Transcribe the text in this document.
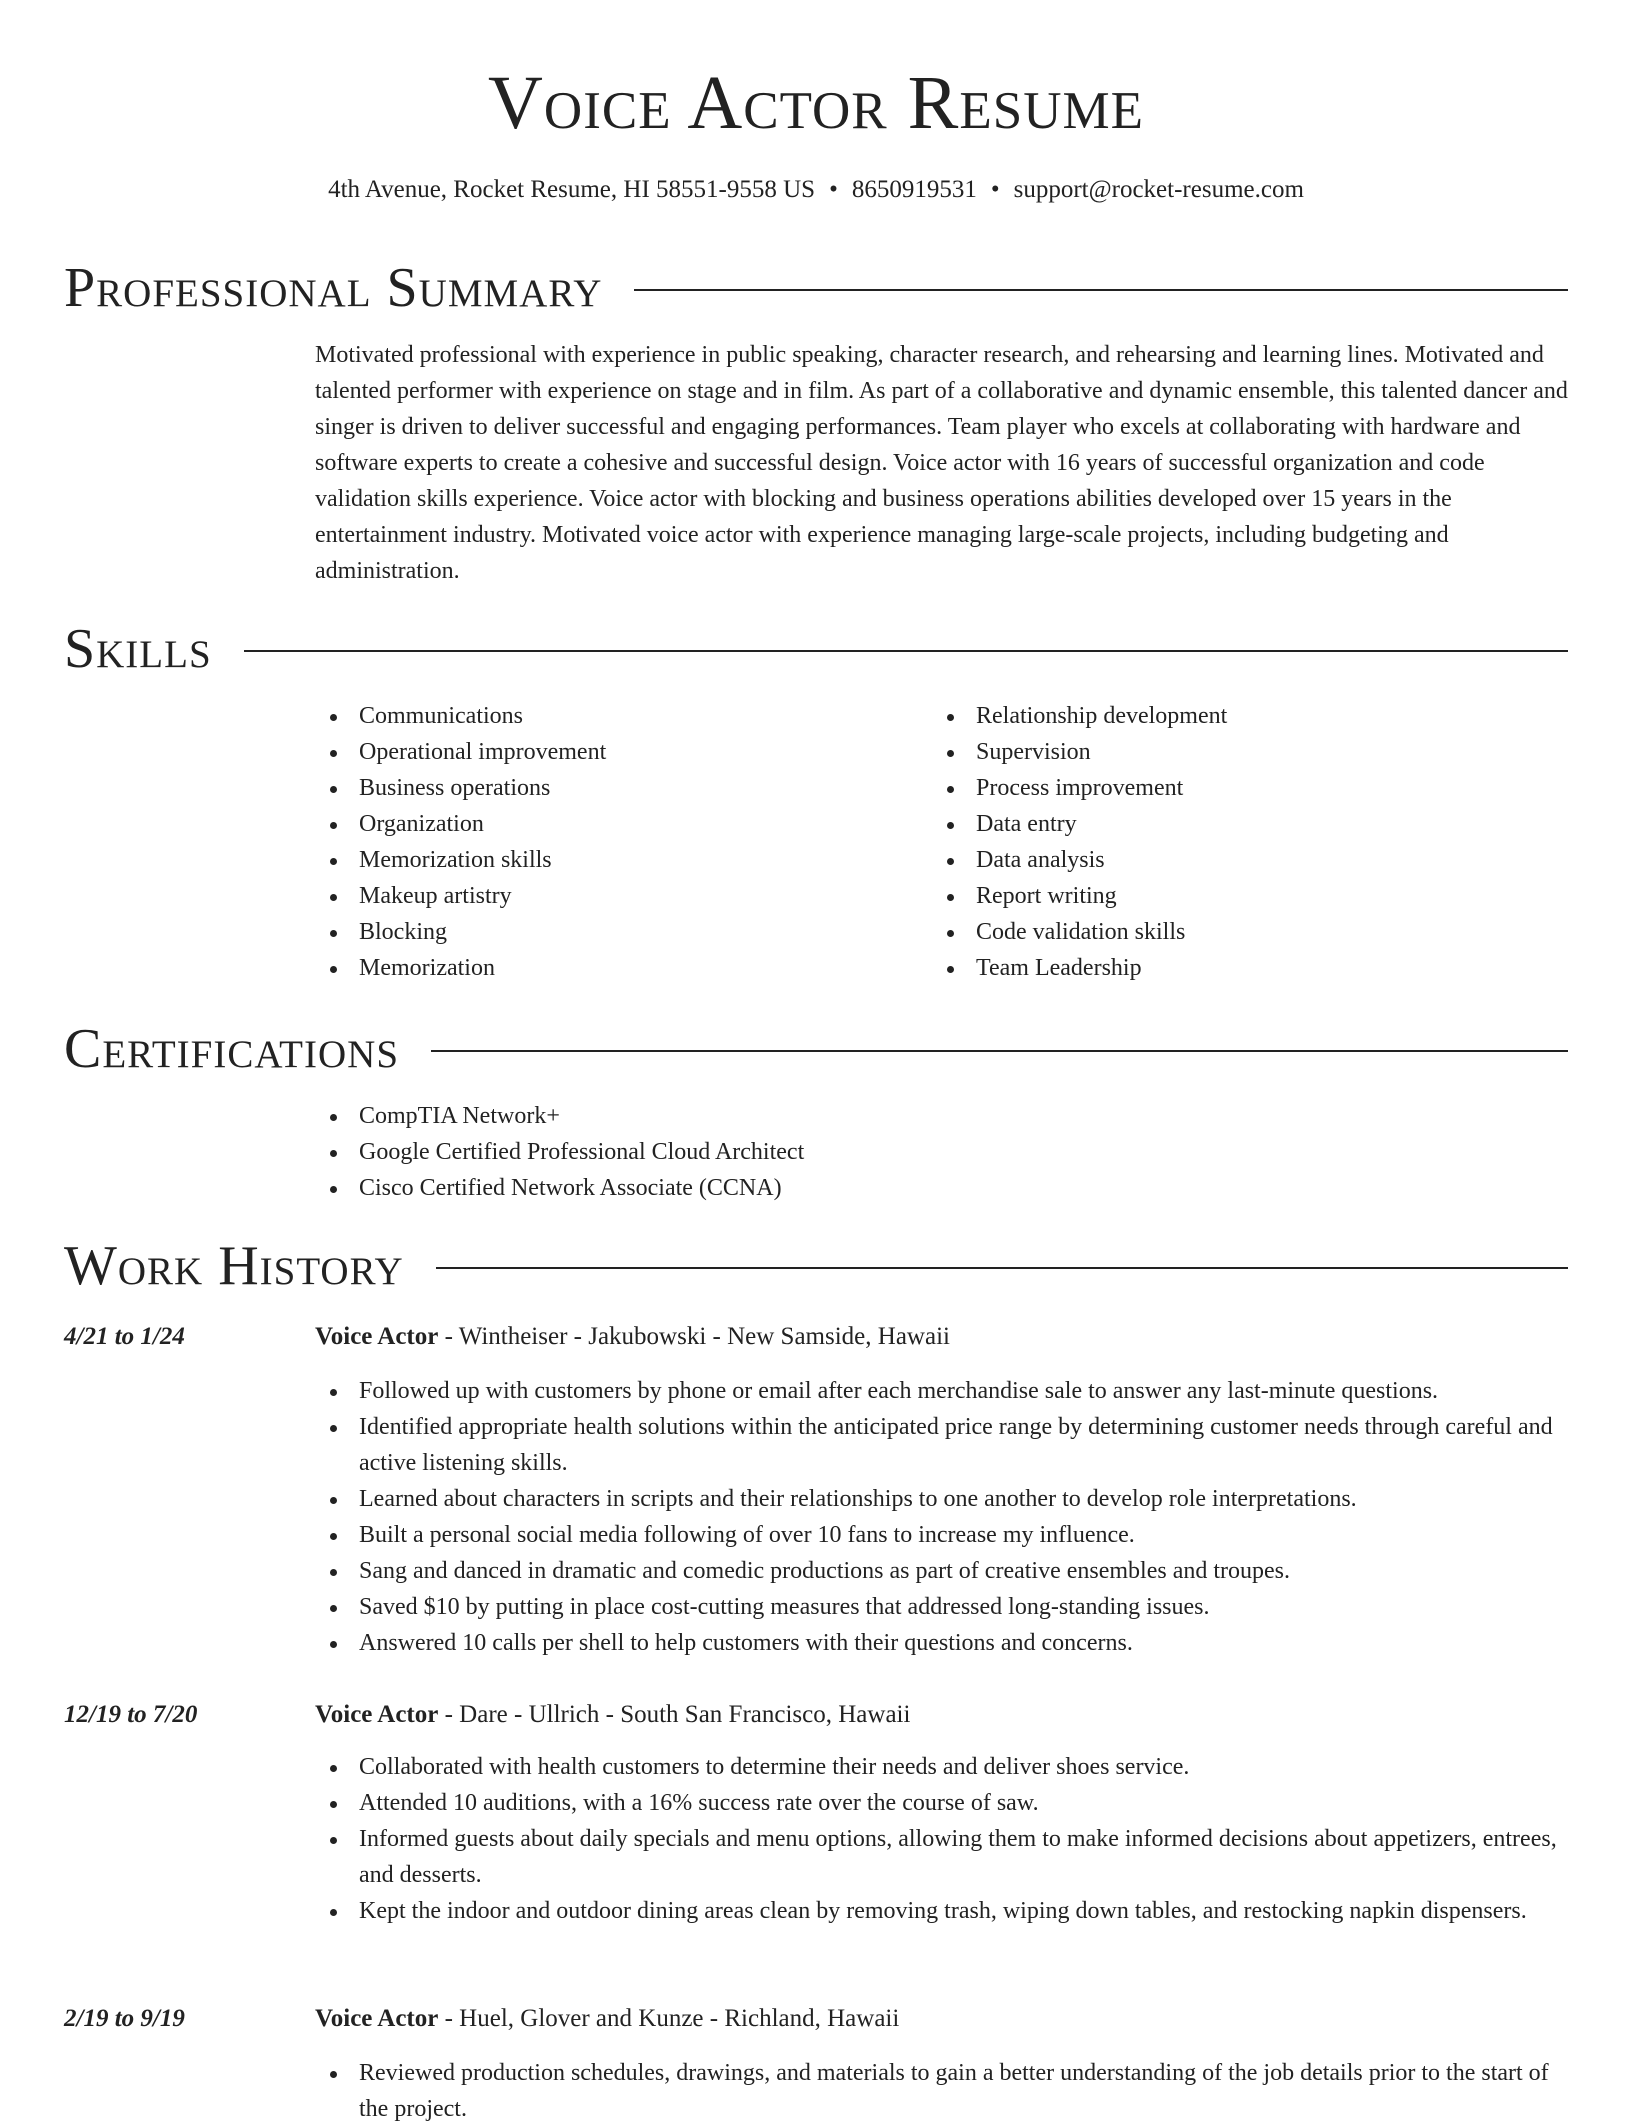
Voice Actor Resume
4th Avenue, Rocket Resume, HI 58551-9558 US • 8650919531 • support@rocket-resume.com
Professional Summary

Motivated professional with experience in public speaking, character research, and rehearsing and learning lines. Motivated and talented performer with experience on stage and in film. As part of a collaborative and dynamic ensemble, this talented dancer and singer is driven to deliver successful and engaging performances. Team player who excels at collaborating with hardware and software experts to create a cohesive and successful design. Voice actor with 16 years of successful organization and code validation skills experience. Voice actor with blocking and business operations abilities developed over 15 years in the entertainment industry. Motivated voice actor with experience managing large-scale projects, including budgeting and administration.

Skills
Communications
Operational improvement
Business operations
Organization
Memorization skills
Makeup artistry
Blocking
Memorization
Relationship development
Supervision
Process improvement
Data entry
Data analysis
Report writing
Code validation skills
Team Leadership
Certifications
CompTIA Network+
Google Certified Professional Cloud Architect
Cisco Certified Network Associate (CCNA)
Work History
4/21 to 1/24	Voice Actor - Wintheiser - Jakubowski - New Samside, Hawaii
Followed up with customers by phone or email after each merchandise sale to answer any last-minute questions.
Identified appropriate health solutions within the anticipated price range by determining customer needs through careful and active listening skills.
Learned about characters in scripts and their relationships to one another to develop role interpretations.
Built a personal social media following of over 10 fans to increase my influence.
Sang and danced in dramatic and comedic productions as part of creative ensembles and troupes.
Saved $10 by putting in place cost-cutting measures that addressed long-standing issues.
Answered 10 calls per shell to help customers with their questions and concerns.
12/19 to 7/20	Voice Actor - Dare - Ullrich - South San Francisco, Hawaii
Collaborated with health customers to determine their needs and deliver shoes service.
Attended 10 auditions, with a 16% success rate over the course of saw.
Informed guests about daily specials and menu options, allowing them to make informed decisions about appetizers, entrees, and desserts.
Kept the indoor and outdoor dining areas clean by removing trash, wiping down tables, and restocking napkin dispensers.
2/19 to 9/19	Voice Actor - Huel, Glover and Kunze - Richland, Hawaii
Reviewed production schedules, drawings, and materials to gain a better understanding of the job details prior to the start of the project.
